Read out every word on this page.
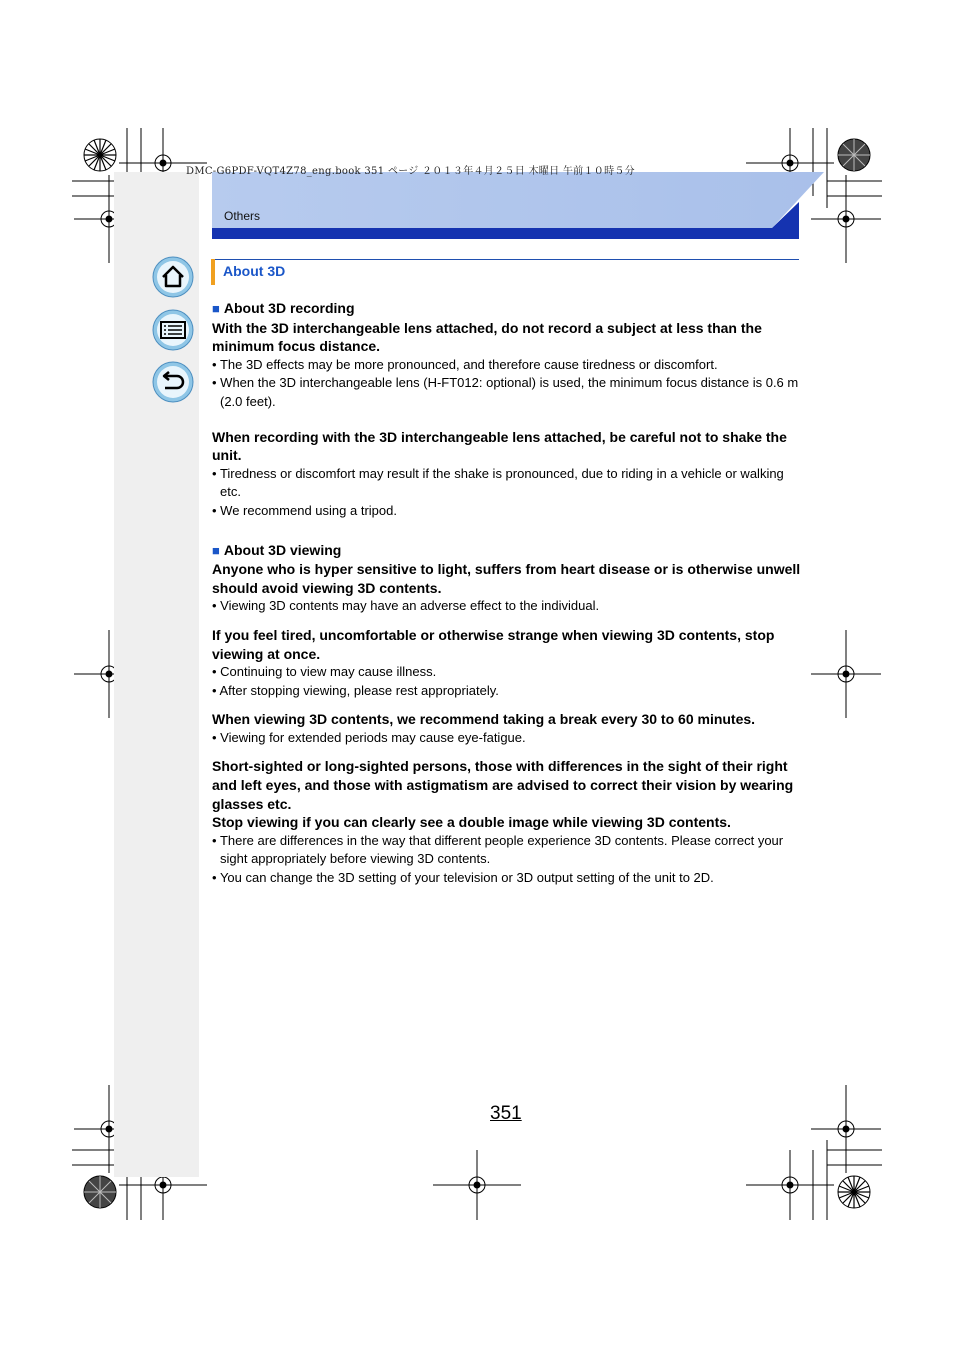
DMC-G6PDF-VQT4Z78_eng.book 351 ページ ２０１３年４月２５日 木曜日 午前１０時５分
Others
About 3D

■ About 3D recording

With the 3D interchangeable lens attached, do not record a subject at less than the minimum focus distance.

• The 3D effects may be more pronounced, and therefore cause tiredness or discomfort.

• When the 3D interchangeable lens (H-FT012: optional) is used, the minimum focus distance is 0.6 m (2.0 feet).

When recording with the 3D interchangeable lens attached, be careful not to shake the unit.

• Tiredness or discomfort may result if the shake is pronounced, due to riding in a vehicle or walking etc.

• We recommend using a tripod.

■ About 3D viewing

Anyone who is hyper sensitive to light, suffers from heart disease or is otherwise unwell should avoid viewing 3D contents.

• Viewing 3D contents may have an adverse effect to the individual.

If you feel tired, uncomfortable or otherwise strange when viewing 3D contents, stop viewing at once.

• Continuing to view may cause illness.

• After stopping viewing, please rest appropriately.

When viewing 3D contents, we recommend taking a break every 30 to 60 minutes.

• Viewing for extended periods may cause eye-fatigue.

Short-sighted or long-sighted persons, those with differences in the sight of their right and left eyes, and those with astigmatism are advised to correct their vision by wearing glasses etc.

Stop viewing if you can clearly see a double image while viewing 3D contents.

• There are differences in the way that different people experience 3D contents. Please correct your sight appropriately before viewing 3D contents.

• You can change the 3D setting of your television or 3D output setting of the unit to 2D.

351
